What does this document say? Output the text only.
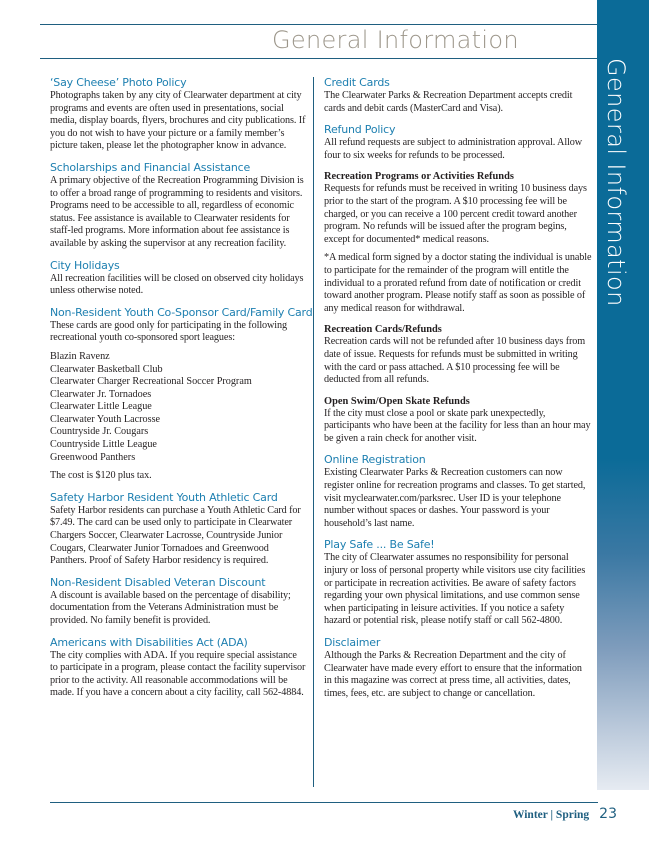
General Information
General Information
‘Say Cheese’ Photo Policy

Photographs taken by any city of Clearwater department at city programs and events are often used in presentations, social media, display boards, flyers, brochures and city publications. If you do not wish to have your picture or a family member’s picture taken, please let the photographer know in advance.

Scholarships and Financial Assistance

A primary objective of the Recreation Programming Division is to offer a broad range of programming to residents and visitors. Programs need to be accessible to all, regardless of economic status. Fee assistance is available to Clearwater residents for staff-led programs. More information about fee assistance is available by asking the supervisor at any recreation facility.

City Holidays

All recreation facilities will be closed on observed city holidays unless otherwise noted.

Non-Resident Youth Co-Sponsor Card/Family Card

These cards are good only for participating in the following recreational youth co-sponsored sport leagues:

Blazin Ravenz
Clearwater Basketball Club
Clearwater Charger Recreational Soccer Program
Clearwater Jr. Tornadoes
Clearwater Little League
Clearwater Youth Lacrosse
Countryside Jr. Cougars
Countryside Little League
Greenwood Panthers

The cost is $120 plus tax.

Safety Harbor Resident Youth Athletic Card

Safety Harbor residents can purchase a Youth Athletic Card for $7.49. The card can be used only to participate in Clearwater Chargers Soccer, Clearwater Lacrosse, Countryside Junior Cougars, Clearwater Junior Tornadoes and Greenwood Panthers. Proof of Safety Harbor residency is required.

Non-Resident Disabled Veteran Discount

A discount is available based on the percentage of disability; documentation from the Veterans Administration must be provided. No family benefit is provided.

Americans with Disabilities Act (ADA)

The city complies with ADA. If you require special assistance to participate in a program, please contact the facility supervisor prior to the activity. All reasonable accommodations will be made. If you have a concern about a city facility, call 562-4884.

Credit Cards

The Clearwater Parks & Recreation Department accepts credit cards and debit cards (MasterCard and Visa).

Refund Policy

All refund requests are subject to administration approval. Allow four to six weeks for refunds to be processed.

Recreation Programs or Activities Refunds

Requests for refunds must be received in writing 10 business days prior to the start of the program. A $10 processing fee will be charged, or you can receive a 100 percent credit toward another program. No refunds will be issued after the program begins, except for documented* medical reasons.

*A medical form signed by a doctor stating the individual is unable to participate for the remainder of the program will entitle the individual to a prorated refund from date of notification or credit toward another program. Please notify staff as soon as possible of any medical reason for withdrawal.

Recreation Cards/Refunds

Recreation cards will not be refunded after 10 business days from date of issue. Requests for refunds must be submitted in writing with the card or pass attached. A $10 processing fee will be deducted from all refunds.

Open Swim/Open Skate Refunds

If the city must close a pool or skate park unexpectedly, participants who have been at the facility for less than an hour may be given a rain check for another visit.

Online Registration

Existing Clearwater Parks & Recreation customers can now register online for recreation programs and classes. To get started, visit myclearwater.com/parksrec. User ID is your telephone number without spaces or dashes. Your password is your household’s last name.

Play Safe ... Be Safe!

The city of Clearwater assumes no responsibility for personal injury or loss of personal property while visitors use city facilities or participate in recreation activities. Be aware of safety factors regarding your own physical limitations, and use common sense when participating in leisure activities. If you notice a safety hazard or potential risk, please notify staff or call 562-4800.

Disclaimer

Although the Parks & Recreation Department and the city of Clearwater have made every effort to ensure that the information in this magazine was correct at press time, all activities, dates, times, fees, etc. are subject to change or cancellation.

Winter | Spring 23
